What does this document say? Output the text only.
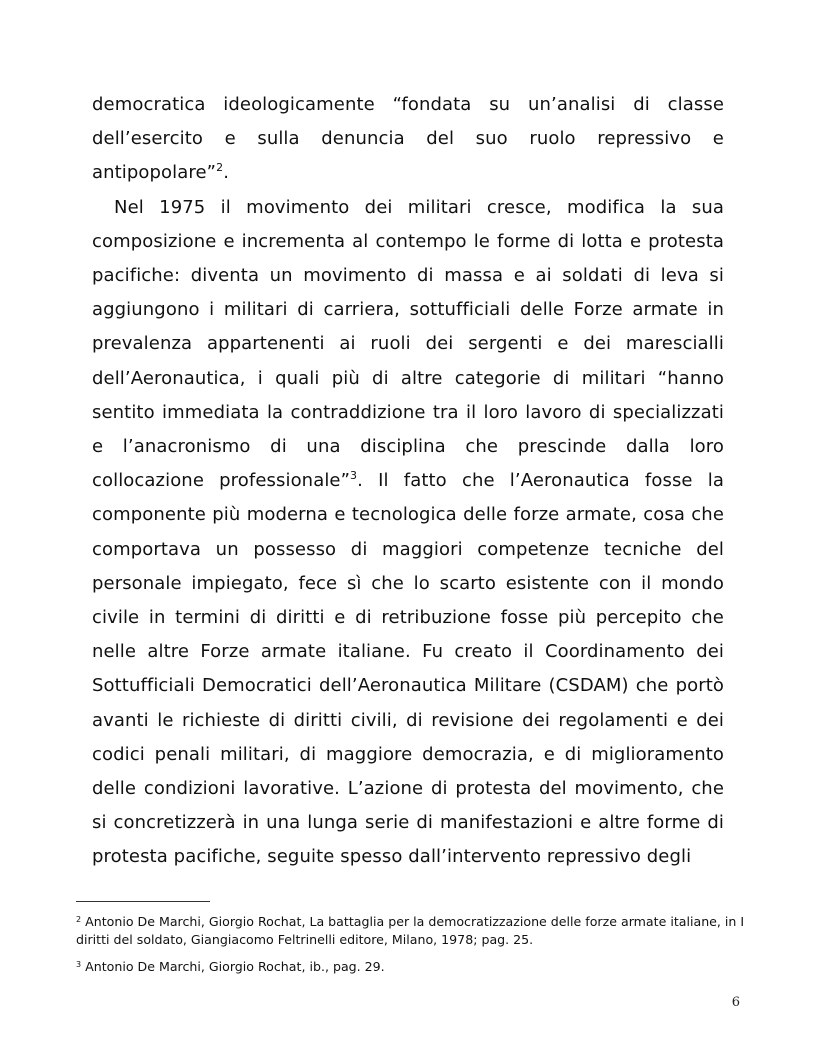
democratica ideologicamente “fondata su un’analisi di classe dell’esercito e sulla denuncia del suo ruolo repressivo e antipopolare”$^2$.

Nel 1975 il movimento dei militari cresce, modifica la sua composizione e incrementa al contempo le forme di lotta e protesta pacifiche: diventa un movimento di massa e ai soldati di leva si aggiungono i militari di carriera, sottufficiali delle Forze armate in prevalenza appartenenti ai ruoli dei sergenti e dei marescialli dell’Aeronautica, i quali più di altre categorie di militari “hanno sentito immediata la contraddizione tra il loro lavoro di specializzati e l’anacronismo di una disciplina che prescinde dalla loro collocazione professionale”$^3$. Il fatto che l’Aeronautica fosse la componente più moderna e tecnologica delle forze armate, cosa che comportava un possesso di maggiori competenze tecniche del personale impiegato, fece sì che lo scarto esistente con il mondo civile in termini di diritti e di retribuzione fosse più percepito che nelle altre Forze armate italiane. Fu creato il Coordinamento dei Sottufficiali Democratici dell’Aeronautica Militare (CSDAM) che portò avanti le richieste di diritti civili, di revisione dei regolamenti e dei codici penali militari, di maggiore democrazia, e di miglioramento delle condizioni lavorative. L’azione di protesta del movimento, che si concretizzerà in una lunga serie di manifestazioni e altre forme di protesta pacifiche, seguite spesso dall’intervento repressivo degli

$^2$ Antonio De Marchi, Giorgio Rochat, La battaglia per la democratizzazione delle forze armate italiane, in I diritti del soldato, Giangiacomo Feltrinelli editore, Milano, 1978; pag. 25.

$^3$ Antonio De Marchi, Giorgio Rochat, ib., pag. 29.

6
